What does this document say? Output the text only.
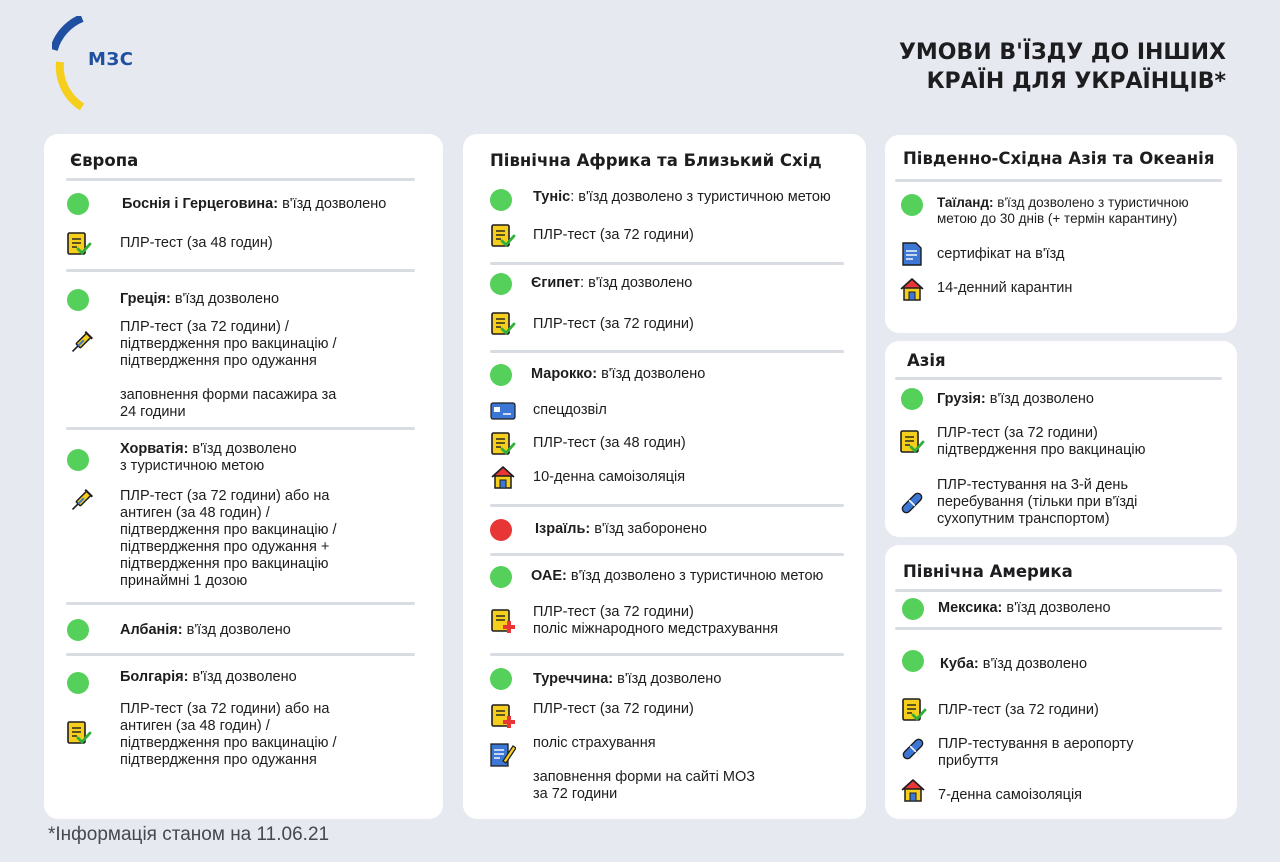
МЗС	УМОВИ В'ЇЗДУ ДО ІНШИХ
КРАЇН ДЛЯ УКРАЇНЦІВ*
Європа
Боснія і Герцеговина: в'їзд дозволено
ПЛР-тест (за 48 годин)
Греція: в'їзд дозволено
ПЛР-тест (за 72 години) /
підтвердження про вакцинацію /
підтвердження про одужання
заповнення форми пасажира за
24 години
Хорватія: в'їзд дозволено
з туристичною метою
ПЛР-тест (за 72 години) або на
антиген (за 48 годин) /
підтвердження про вакцинацію /
підтвердження про одужання +
підтвердження про вакцинацію
принаймні 1 дозою
Албанія: в'їзд дозволено
Болгарія: в'їзд дозволено
ПЛР-тест (за 72 години) або на
антиген (за 48 годин) /
підтвердження про вакцинацію /
підтвердження про одужання
Північна Африка та Близький Схід
Туніс: в'їзд дозволено з туристичною метою
ПЛР-тест (за 72 години)
Єгипет: в'їзд дозволено
ПЛР-тест (за 72 години)
Марокко: в'їзд дозволено
спецдозвіл
ПЛР-тест (за 48 годин)
10-денна самоізоляція
Ізраїль: в'їзд заборонено
ОАЕ: в'їзд дозволено з туристичною метою
ПЛР-тест (за 72 години)
поліс міжнародного медстрахування
Туреччина: в'їзд дозволено
ПЛР-тест (за 72 години)
поліс страхування
заповнення форми на сайті МОЗ
за 72 години
Південно-Східна Азія та Океанія
Таїланд: в'їзд дозволено з туристичною
метою до 30 днів (+ термін карантину)
сертифікат на в'їзд
14-денний карантин
Азія
Грузія: в'їзд дозволено
ПЛР-тест (за 72 години)
підтвердження про вакцинацію
ПЛР-тестування на 3-й день
перебування (тільки при в'їзді
сухопутним транспортом)
Північна Америка
Мексика: в'їзд дозволено
Куба: в'їзд дозволено
ПЛР-тест (за 72 години)
ПЛР-тестування в аеропорту
прибуття
7-денна самоізоляція
*Інформація станом на 11.06.21
